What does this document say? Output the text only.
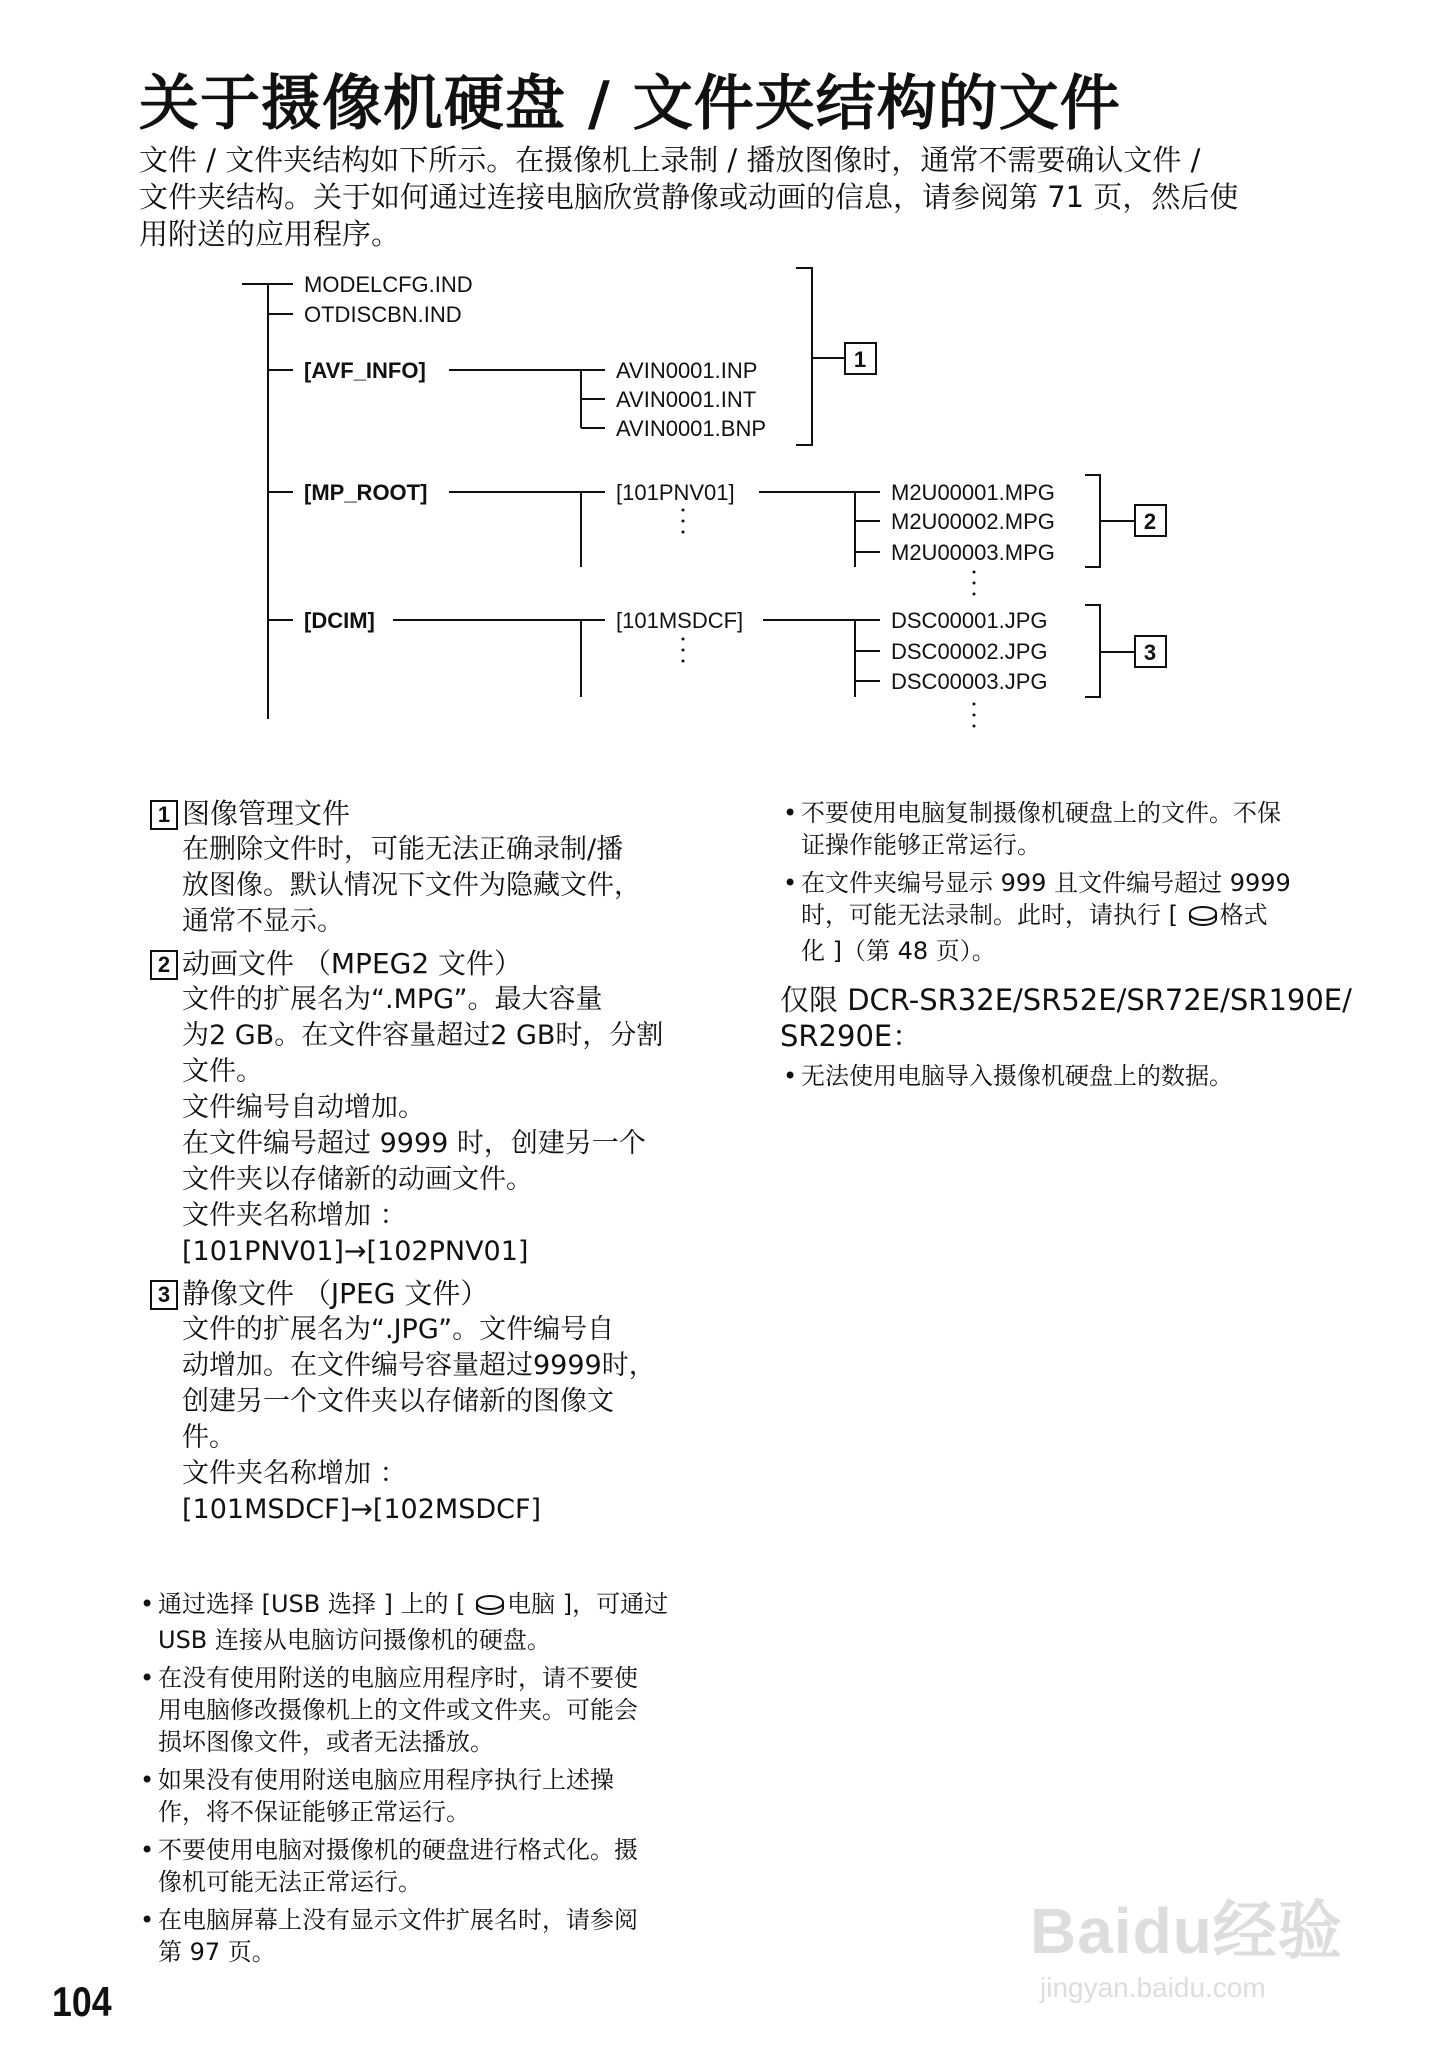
关于摄像机硬盘 / 文件夹结构的文件
文件 / 文件夹结构如下所示。在摄像机上录制 / 播放图像时，通常不需要确认文件 /
文件夹结构。关于如何通过连接电脑欣赏静像或动画的信息，请参阅第 71 页，然后使
用附送的应用程序。
MODELCFG.IND
OTDISCBN.IND
[AVF_INFO]	AVIN0001.INP
AVIN0001.INT
AVIN0001.BNP
[MP_ROOT]	[101PNV01]	M2U00001.MPG
M2U00002.MPG
M2U00003.MPG
[DCIM]	[101MSDCF]	DSC00001.JPG
DSC00002.JPG
DSC00003.JPG
1
2
3
1 图像管理文件
在删除文件时，可能无法正确录制/播
放图像。默认情况下文件为隐藏文件，
通常不显示。
2 动画文件 （MPEG2 文件）
文件的扩展名为“.MPG”。最大容量
为2 GB。在文件容量超过2 GB时，分割
文件。
文件编号自动增加。
在文件编号超过 9999 时，创建另一个
文件夹以存储新的动画文件。
文件夹名称增加 ：
[101PNV01]→[102PNV01]
3 静像文件 （JPEG 文件）
文件的扩展名为“.JPG”。文件编号自
动增加。在文件编号容量超过9999时，
创建另一个文件夹以存储新的图像文
件。
文件夹名称增加 ：
[101MSDCF]→[102MSDCF]
• 通过选择 [USB 选择 ] 上的 [ 电脑 ]，可通过
USB 连接从电脑访问摄像机的硬盘。
• 在没有使用附送的电脑应用程序时，请不要使
用电脑修改摄像机上的文件或文件夹。可能会
损坏图像文件，或者无法播放。
• 如果没有使用附送电脑应用程序执行上述操
作，将不保证能够正常运行。
• 不要使用电脑对摄像机的硬盘进行格式化。摄
像机可能无法正常运行。
• 在电脑屏幕上没有显示文件扩展名时，请参阅
第 97 页。
• 不要使用电脑复制摄像机硬盘上的文件。不保
证操作能够正常运行。
• 在文件夹编号显示 999 且文件编号超过 9999
时，可能无法录制。此时，请执行 [ 格式
化 ]（第 48 页）。
仅限 DCR-SR32E/SR52E/SR72E/SR190E/
SR290E：
• 无法使用电脑导入摄像机硬盘上的数据。
104
Baidu经验
jingyan.baidu.com
